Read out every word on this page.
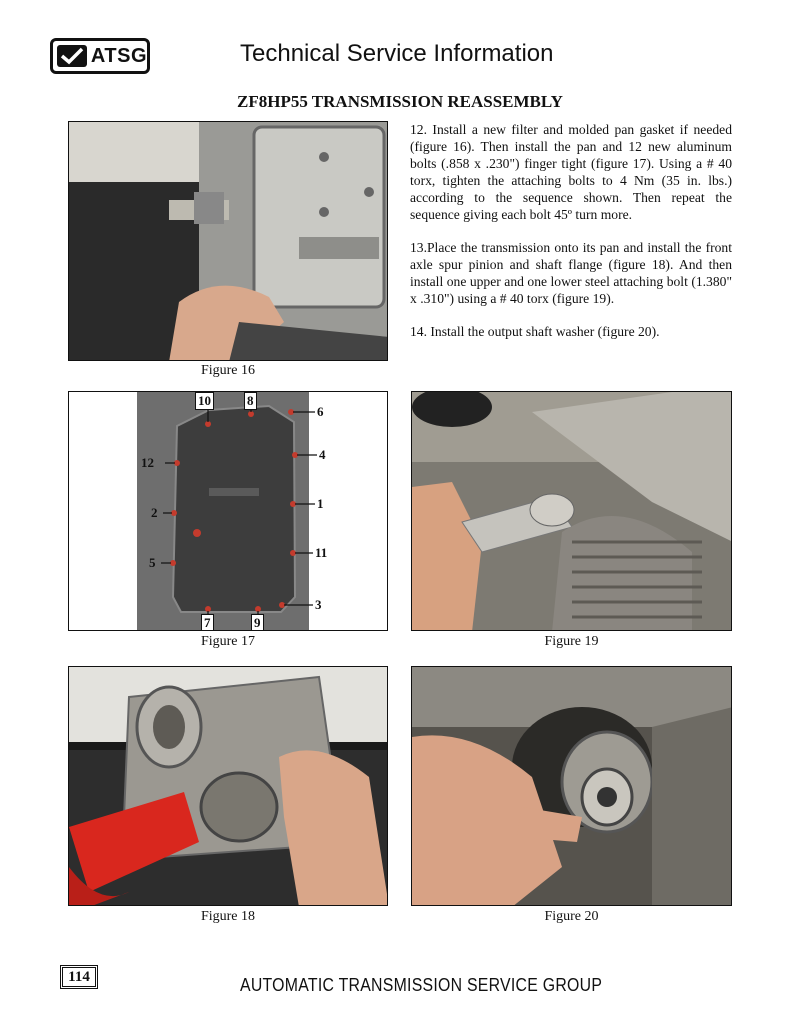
ATSG	Technical Service Information
ZF8HP55 TRANSMISSION REASSEMBLY

12. Install a new filter and molded pan gasket if needed (figure 16). Then install the pan and 12 new aluminum bolts (.858 x .230") finger tight (figure 17). Using a # 40 torx, tighten the attaching bolts to 4 Nm (35 in. lbs.) according to the sequence shown. Then repeat the sequence giving each bolt 45º turn more.

13.Place the transmission onto its pan and install the front axle spur pinion and shaft flange (figure 18). And then install one upper and one lower steel attaching bolt (1.380" x .310") using a # 40 torx (figure 19).

14. Install the output shaft washer (figure 20).

Figure 16
10	8
6
12
4
2
1
5
11
3
7	9
Figure 17	Figure 19
Figure 18	Figure 20
114	AUTOMATIC TRANSMISSION SERVICE GROUP
